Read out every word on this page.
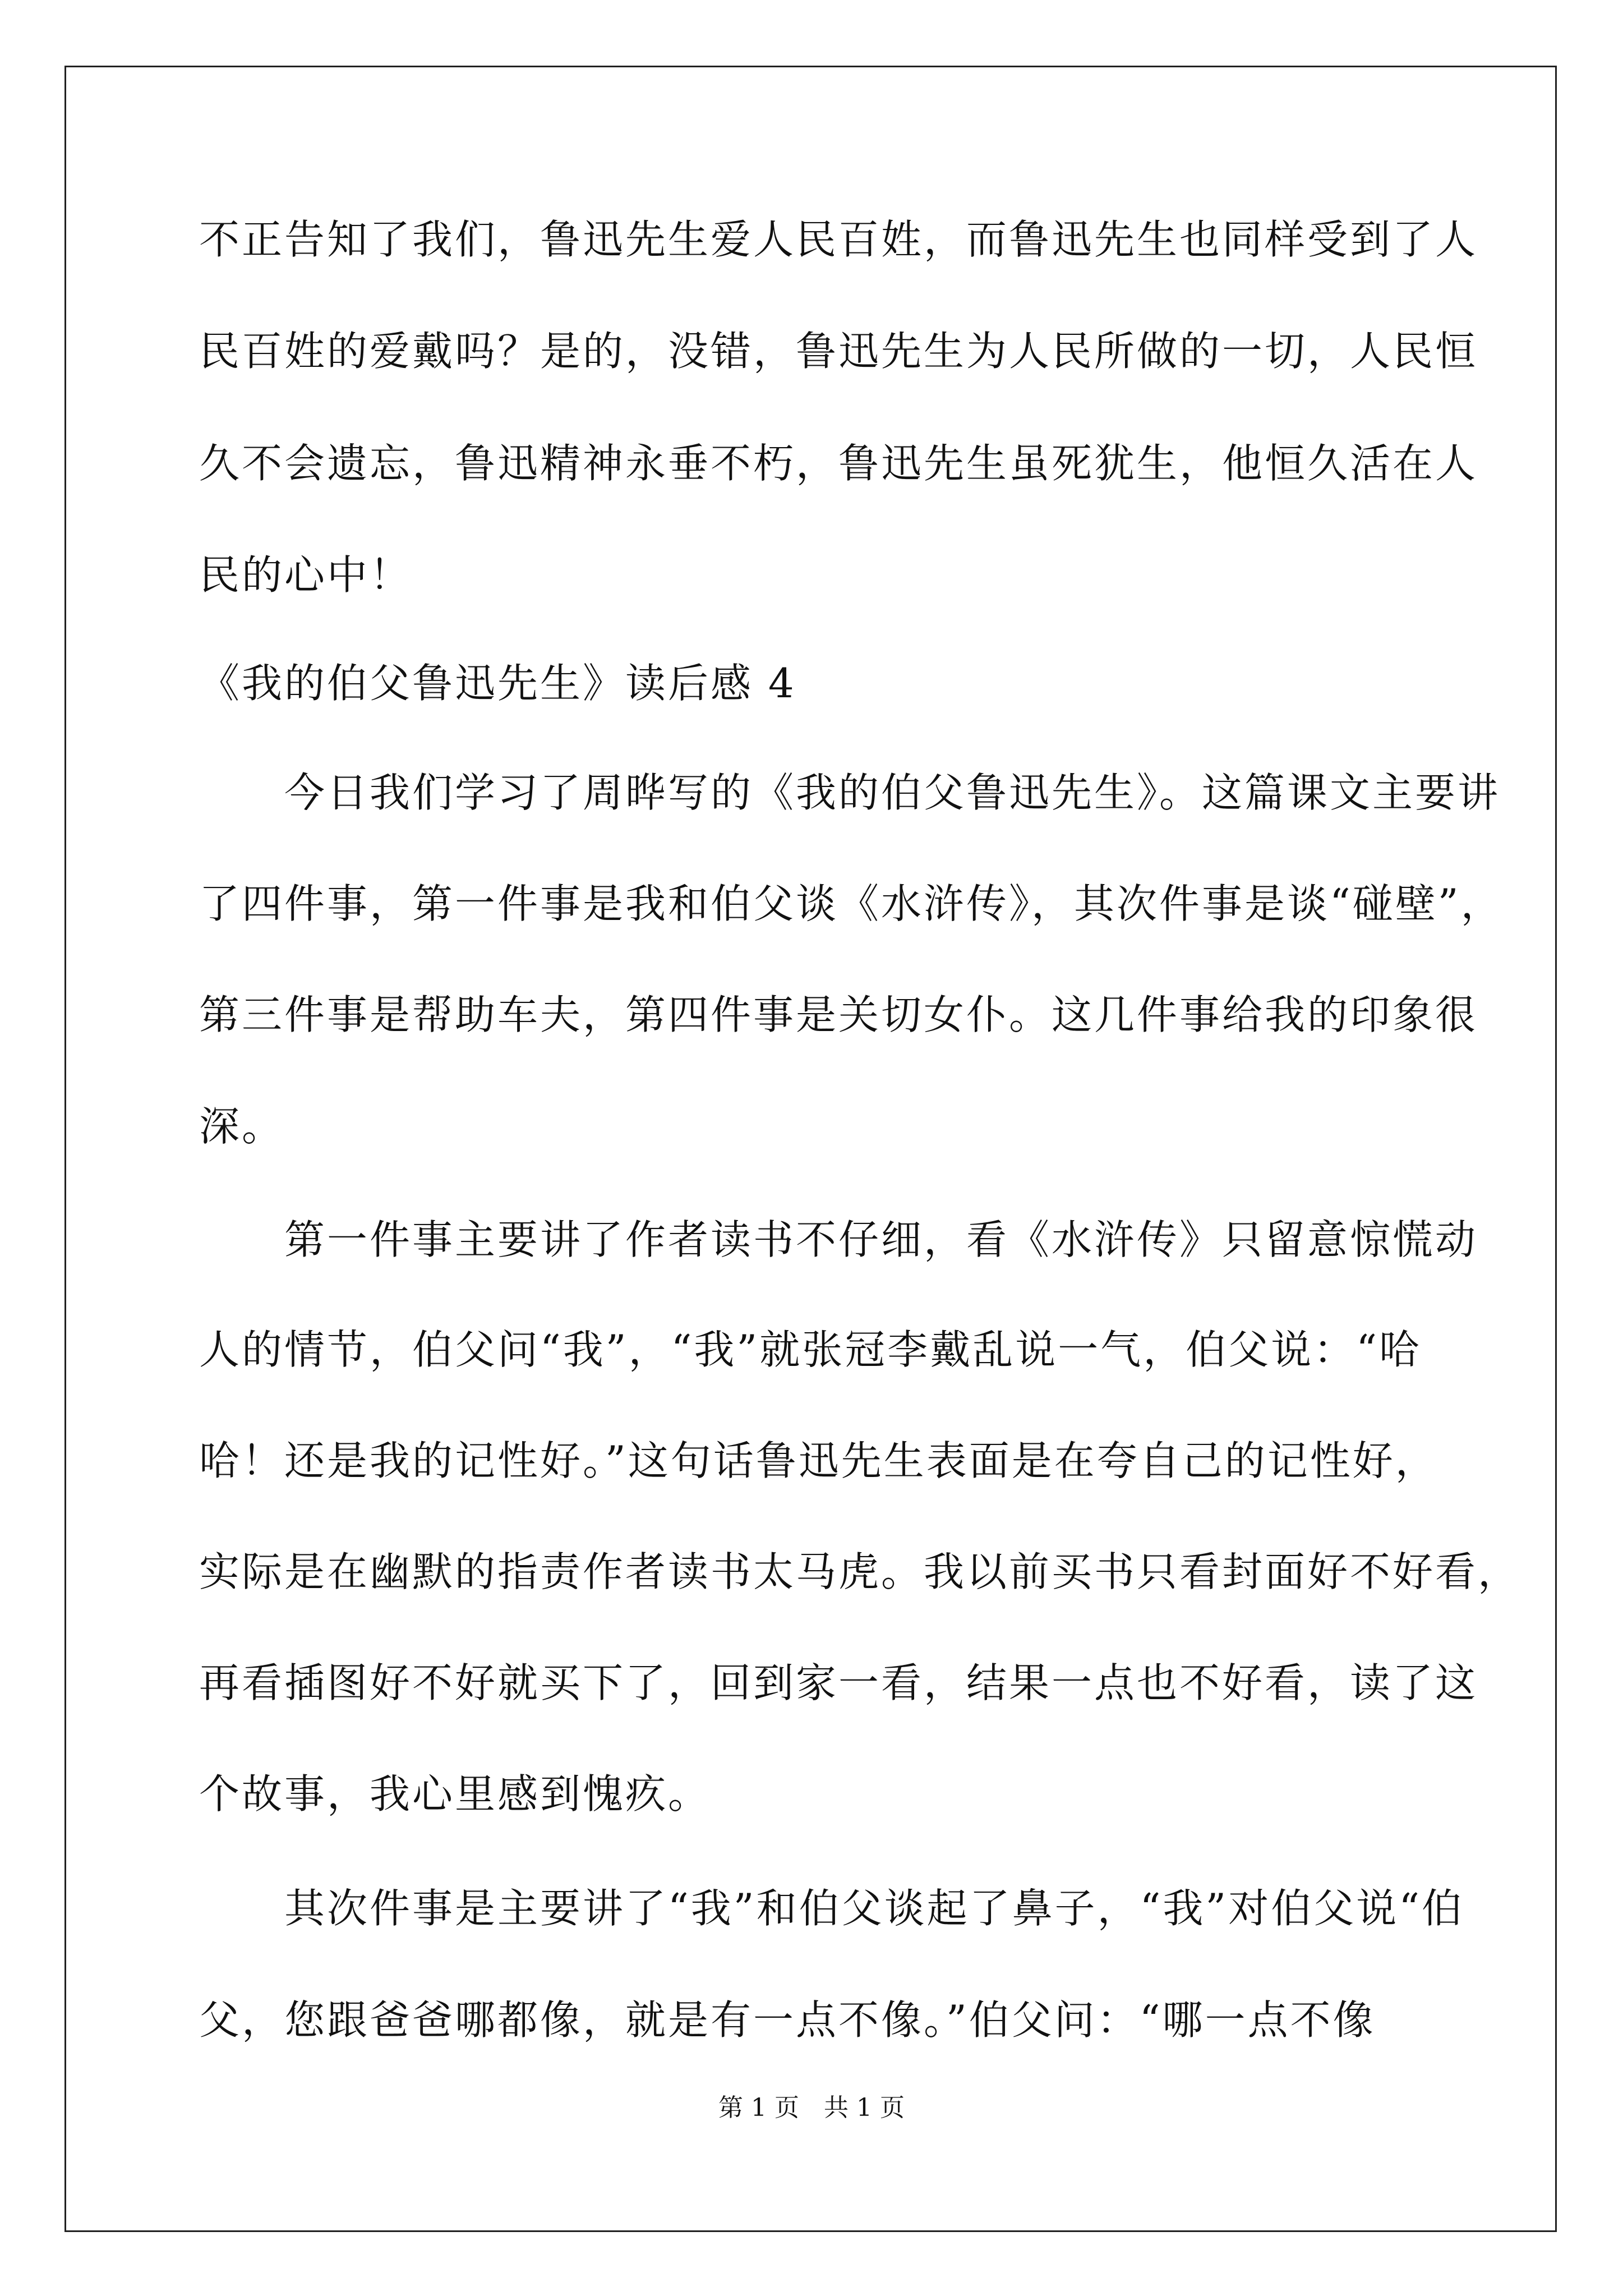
不正告知了我们，鲁迅先生爱人民百姓，而鲁迅先生也同样受到了人
民百姓的爱戴吗？是的，没错，鲁迅先生为人民所做的一切，人民恒
久不会遗忘，鲁迅精神永垂不朽，鲁迅先生虽死犹生，他恒久活在人
民的心中！
《我的伯父鲁迅先生》读后感 4
　　今日我们学习了周晔写的《我的伯父鲁迅先生》。这篇课文主要讲
了四件事，第一件事是我和伯父谈《水浒传》，其次件事是谈“碰壁”，
第三件事是帮助车夫，第四件事是关切女仆。这几件事给我的印象很
深。
　　第一件事主要讲了作者读书不仔细，看《水浒传》只留意惊慌动
人的情节，伯父问“我”，“我”就张冠李戴乱说一气，伯父说：“哈
哈！还是我的记性好。”这句话鲁迅先生表面是在夸自己的记性好，
实际是在幽默的指责作者读书太马虎。我以前买书只看封面好不好看，
再看插图好不好就买下了，回到家一看，结果一点也不好看，读了这
个故事，我心里感到愧疚。
　　其次件事是主要讲了“我”和伯父谈起了鼻子，“我”对伯父说“伯
父，您跟爸爸哪都像，就是有一点不像。”伯父问：“哪一点不像
第 1 页　共 1 页
